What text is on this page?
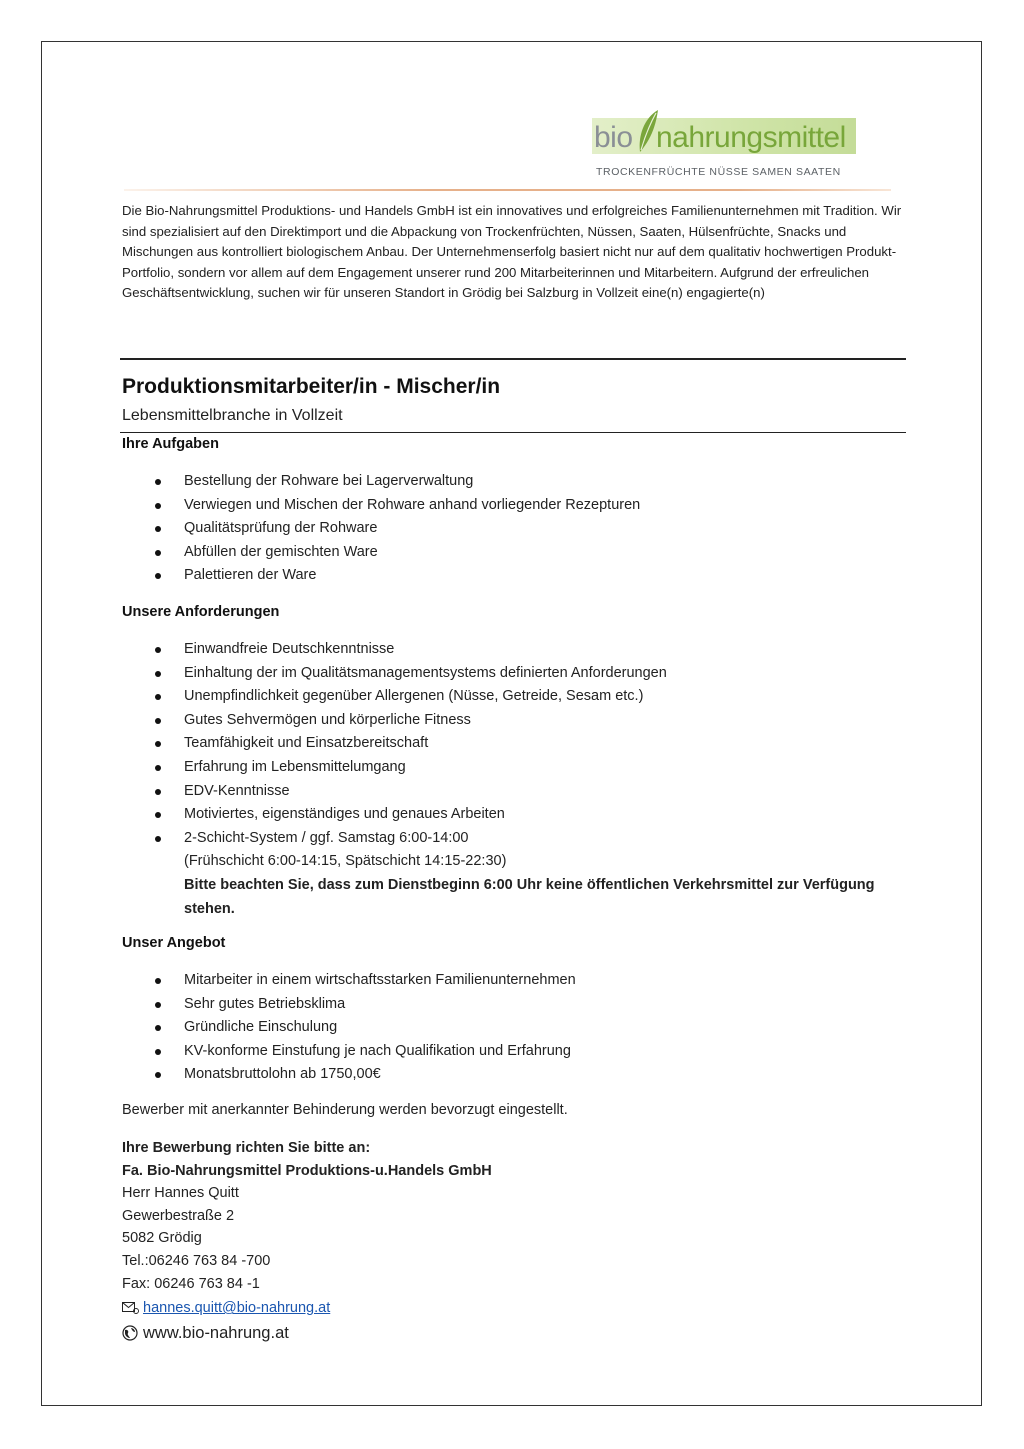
bio nahrungsmittel
TROCKENFRÜCHTE NÜSSE SAMEN SAATEN
Die Bio-Nahrungsmittel Produktions- und Handels GmbH ist ein innovatives und erfolgreiches Familienunternehmen mit Tradition. Wir sind spezialisiert auf den Direktimport und die Abpackung von Trockenfrüchten, Nüssen, Saaten, Hülsenfrüchte, Snacks und Mischungen aus kontrolliert biologischem Anbau. Der Unternehmenserfolg basiert nicht nur auf dem qualitativ hochwertigen Produkt-Portfolio, sondern vor allem auf dem Engagement unserer rund 200 Mitarbeiterinnen und Mitarbeitern. Aufgrund der erfreulichen Geschäftsentwicklung, suchen wir für unseren Standort in Grödig bei Salzburg in Vollzeit eine(n) engagierte(n)
Produktionsmitarbeiter/in - Mischer/in
Lebensmittelbranche in Vollzeit
Ihre Aufgaben
Bestellung der Rohware bei Lagerverwaltung
Verwiegen und Mischen der Rohware anhand vorliegender Rezepturen
Qualitätsprüfung der Rohware
Abfüllen der gemischten Ware
Palettieren der Ware
Unsere Anforderungen
Einwandfreie Deutschkenntnisse
Einhaltung der im Qualitätsmanagementsystems definierten Anforderungen
Unempfindlichkeit gegenüber Allergenen (Nüsse, Getreide, Sesam etc.)
Gutes Sehvermögen und körperliche Fitness
Teamfähigkeit und Einsatzbereitschaft
Erfahrung im Lebensmittelumgang
EDV-Kenntnisse
Motiviertes, eigenständiges und genaues Arbeiten
2-Schicht-System / ggf. Samstag 6:00-14:00
(Frühschicht 6:00-14:15, Spätschicht 14:15-22:30)
Bitte beachten Sie, dass zum Dienstbeginn 6:00 Uhr keine öffentlichen Verkehrsmittel zur Verfügung stehen.
Unser Angebot
Mitarbeiter in einem wirtschaftsstarken Familienunternehmen
Sehr gutes Betriebsklima
Gründliche Einschulung
KV-konforme Einstufung je nach Qualifikation und Erfahrung
Monatsbruttolohn ab 1750,00€
Bewerber mit anerkannter Behinderung werden bevorzugt eingestellt.
Ihre Bewerbung richten Sie bitte an:
Fa. Bio-Nahrungsmittel Produktions-u.Handels GmbH
Herr Hannes Quitt
Gewerbestraße 2
5082 Grödig
Tel.:06246 763 84 -700
Fax: 06246 763 84 -1
hannes.quitt@bio-nahrung.at
www.bio-nahrung.at
